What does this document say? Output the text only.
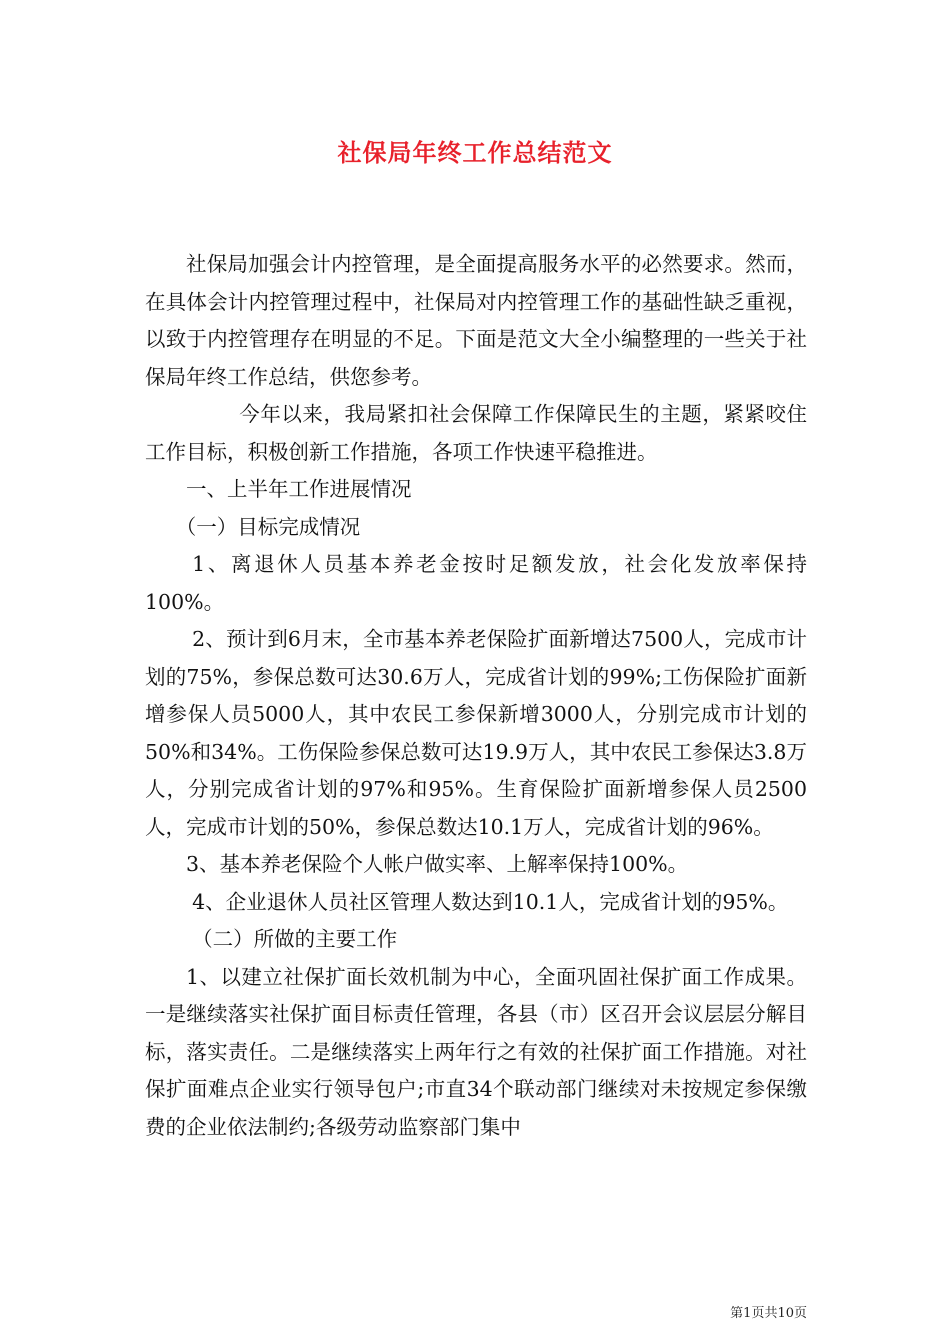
社保局年终工作总结范文

社保局加强会计内控管理，是全面提高服务水平的必然要求。然而，在具体会计内控管理过程中，社保局对内控管理工作的基础性缺乏重视，以致于内控管理存在明显的不足。下面是范文大全小编整理的一些关于社保局年终工作总结，供您参考。

今年以来，我局紧扣社会保障工作保障民生的主题，紧紧咬住工作目标，积极创新工作措施，各项工作快速平稳推进。

一、上半年工作进展情况

（一）目标完成情况

1、离退休人员基本养老金按时足额发放，社会化发放率保持100%。

2、预计到6月末，全市基本养老保险扩面新增达7500人，完成市计划的75%，参保总数可达30.6万人，完成省计划的99%;工伤保险扩面新增参保人员5000人，其中农民工参保新增3000人，分别完成市计划的50%和34%。工伤保险参保总数可达19.9万人，其中农民工参保达3.8万人，分别完成省计划的97%和95%。生育保险扩面新增参保人员2500人，完成市计划的50%，参保总数达10.1万人，完成省计划的96%。

3、基本养老保险个人帐户做实率、上解率保持100%。

4、企业退休人员社区管理人数达到10.1人，完成省计划的95%。

（二）所做的主要工作

1、以建立社保扩面长效机制为中心，全面巩固社保扩面工作成果。一是继续落实社保扩面目标责任管理，各县（市）区召开会议层层分解目标，落实责任。二是继续落实上两年行之有效的社保扩面工作措施。对社保扩面难点企业实行领导包户;市直34个联动部门继续对未按规定参保缴费的企业依法制约;各级劳动监察部门集中

第1页共10页
